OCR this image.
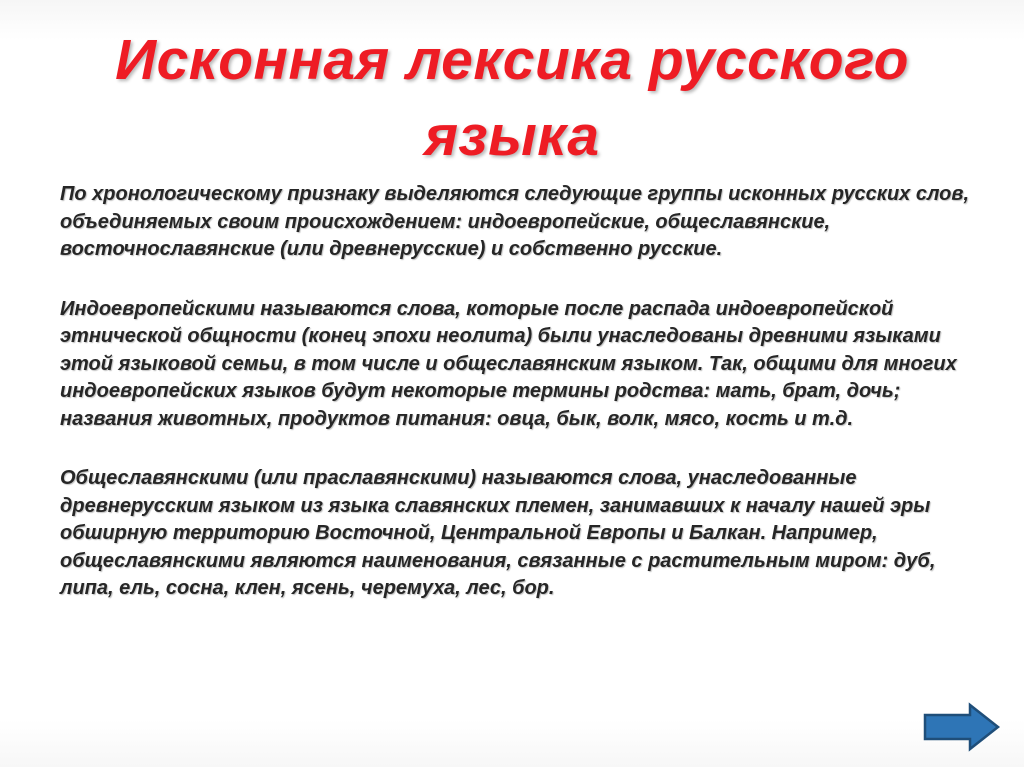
Исконная лексика русского
языка

По хронологическому признаку выделяются следующие группы исконных русских слов, объединяемых своим происхождением: индоевропейские, общеславянские, восточнославянские (или древнерусские) и собственно русские.

Индоевропейскими называются слова, которые после распада индоевропейской этнической общности (конец эпохи неолита) были унаследованы древними языками этой языковой семьи, в том числе и общеславянским языком. Так, общими для многих индоевропейских языков будут некоторые термины родства: мать, брат, дочь; названия животных, продуктов питания: овца, бык, волк, мясо, кость и т.д.

Общеславянскими (или праславянскими) называются слова, унаследованные древнерусским языком из языка славянских племен, занимавших к началу нашей эры обширную территорию Восточной, Центральной Европы и Балкан. Например, общеславянскими являются наименования, связанные с растительным миром: дуб, липа, ель, сосна, клен, ясень, черемуха, лес, бор.
